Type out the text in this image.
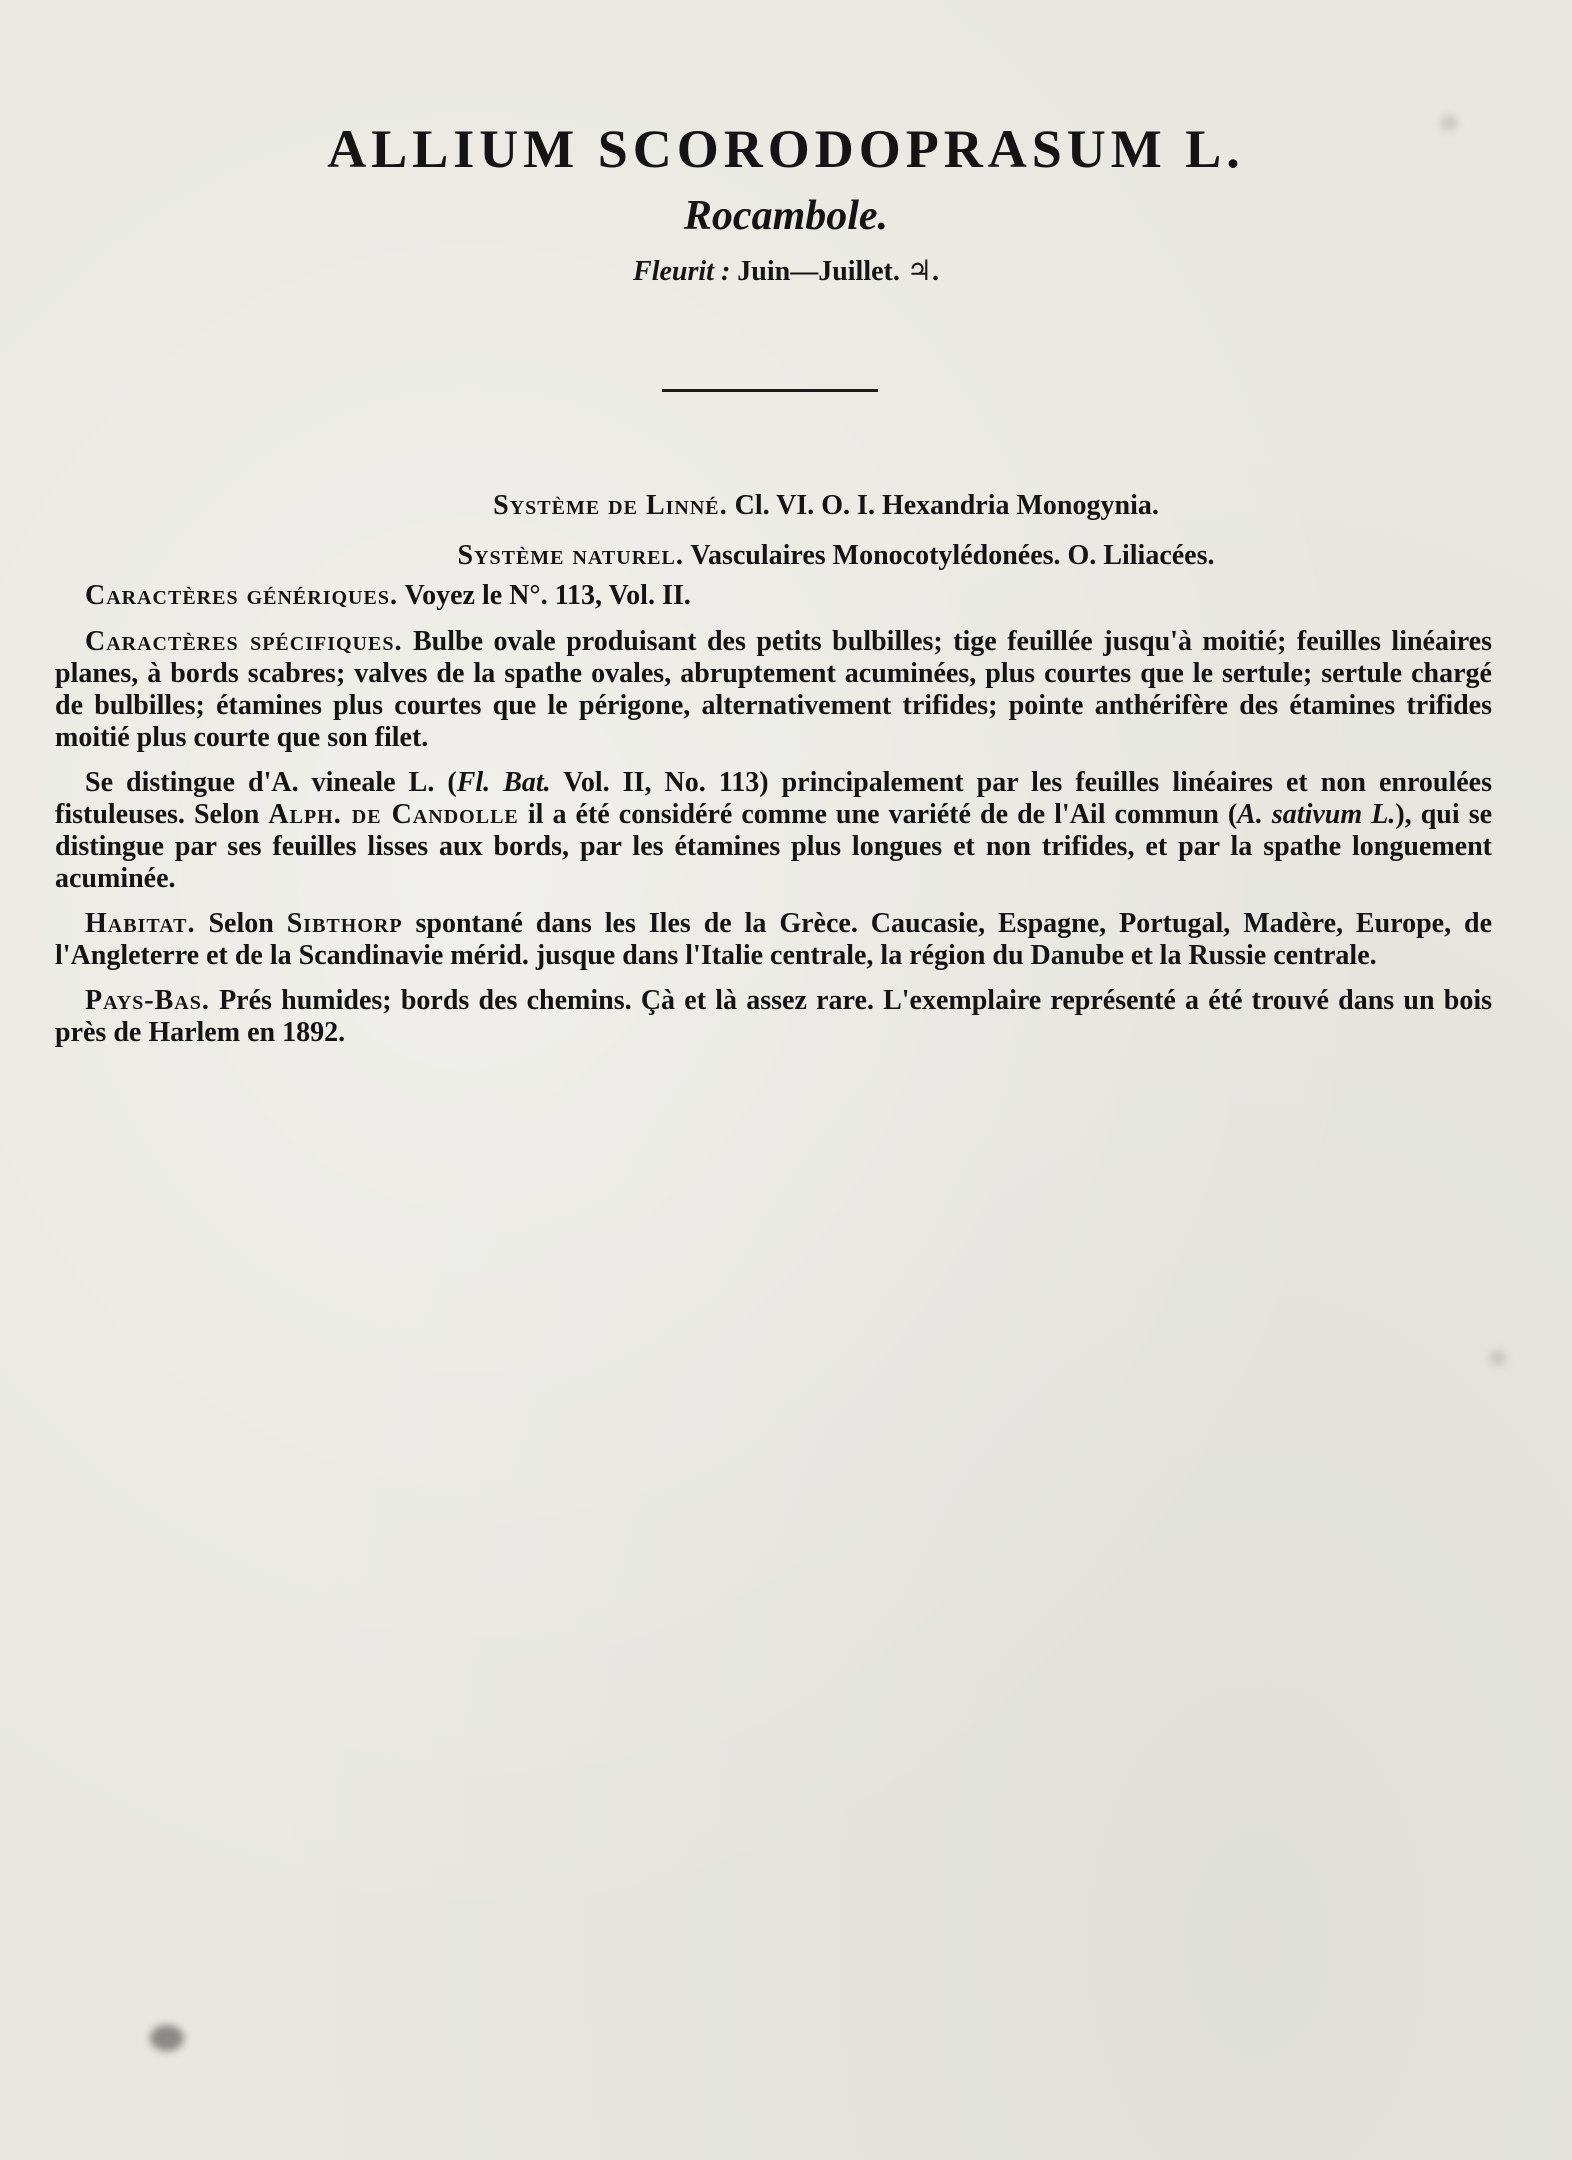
ALLIUM SCORODOPRASUM L.
Rocambole.
Fleurit : Juin—Juillet. ♃.
Système de Linné. Cl. VI. O. I. Hexandria Monogynia.
Système naturel. Vasculaires Monocotylédonées. O. Liliacées.

Caractères génériques. Voyez le N°. 113, Vol. II.

Caractères spécifiques. Bulbe ovale produisant des petits bulbilles; tige feuillée jusqu'à moitié; feuilles linéaires planes, à bords scabres; valves de la spathe ovales, abruptement acuminées, plus courtes que le sertule; sertule chargé de bulbilles; étamines plus courtes que le périgone, alternativement trifides; pointe anthérifère des étamines trifides moitié plus courte que son filet.

Se distingue d'A. vineale L. (Fl. Bat. Vol. II, No. 113) principalement par les feuilles linéaires et non enroulées fistuleuses. Selon Alph. de Candolle il a été considéré comme une variété de de l'Ail commun (A. sativum L.), qui se distingue par ses feuilles lisses aux bords, par les étamines plus longues et non trifides, et par la spathe longuement acuminée.

Habitat. Selon Sibthorp spontané dans les Iles de la Grèce. Caucasie, Espagne, Portugal, Madère, Europe, de l'Angleterre et de la Scandinavie mérid. jusque dans l'Italie centrale, la région du Danube et la Russie centrale.

Pays-Bas. Prés humides; bords des chemins. Çà et là assez rare. L'exemplaire représenté a été trouvé dans un bois près de Harlem en 1892.
